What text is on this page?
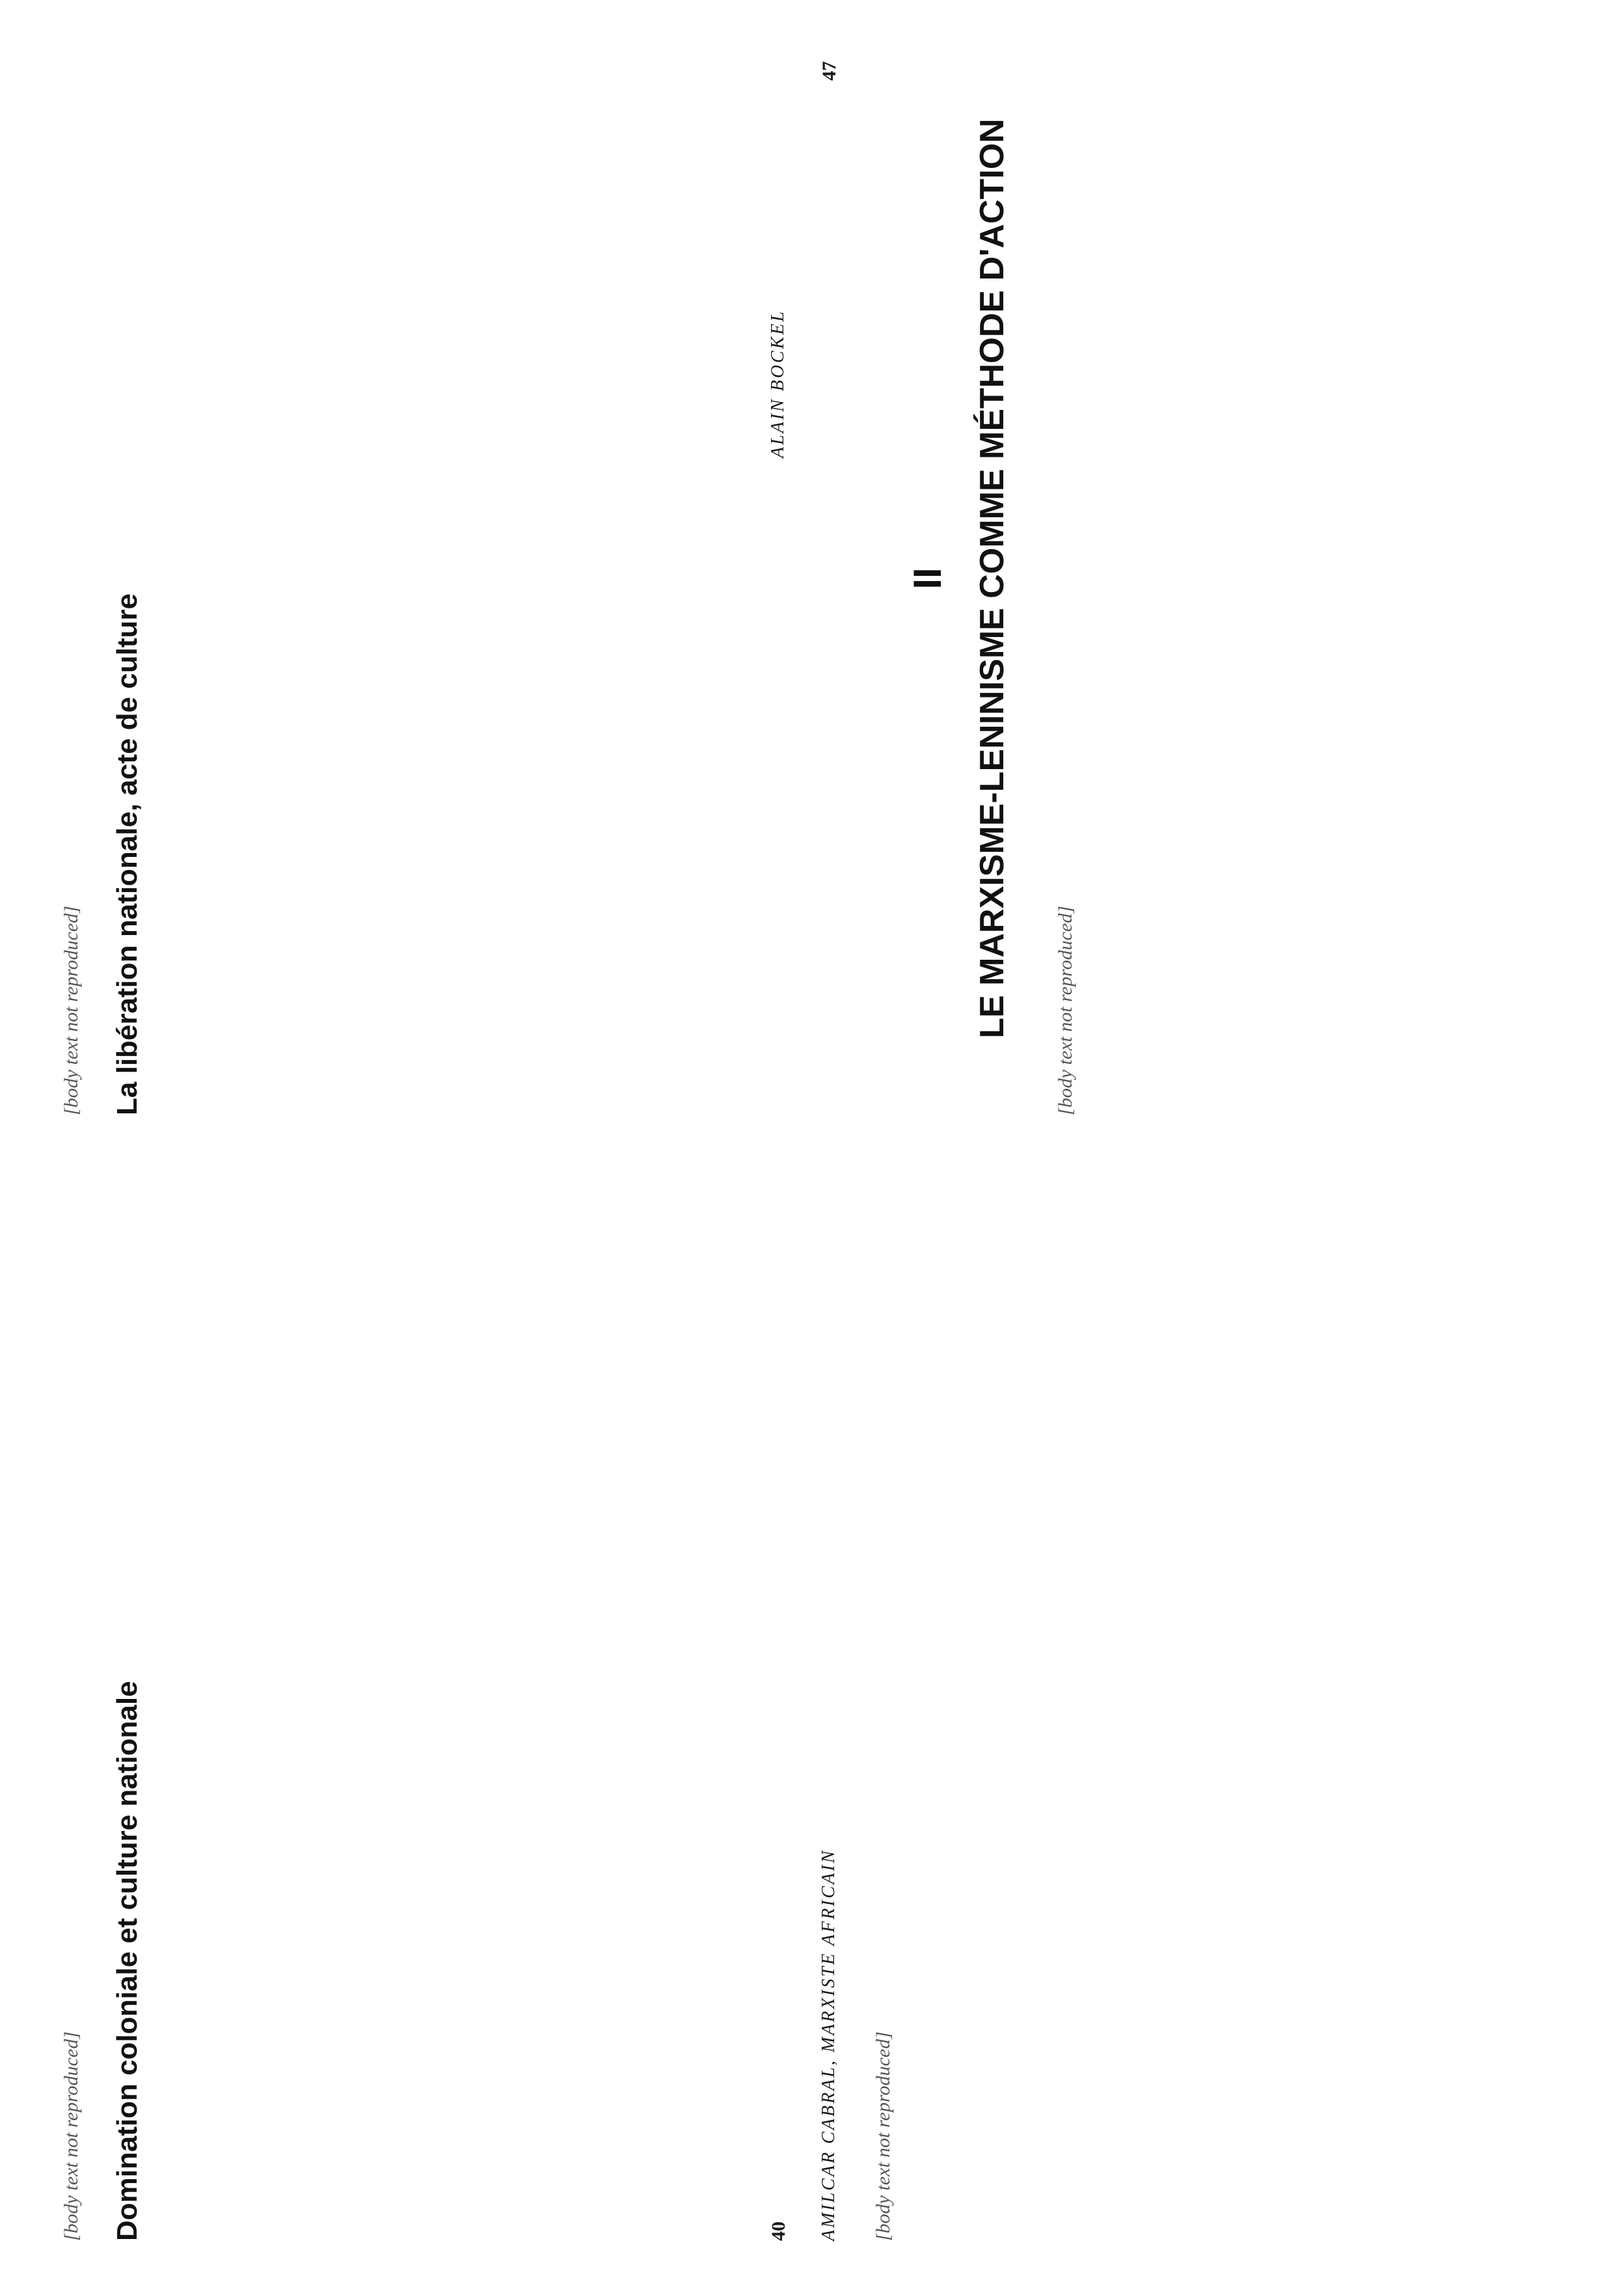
40
ALAIN BOCKEL

[body text not reproduced] Domination coloniale et culture nationale

[body text not reproduced] La libération nationale, acte de culture
47
AMILCAR CABRAL, MARXISTE AFRICAIN [body text not reproduced]

II LE MARXISME-LENINISME COMME MÉTHODE D'ACTION [body text not reproduced]
